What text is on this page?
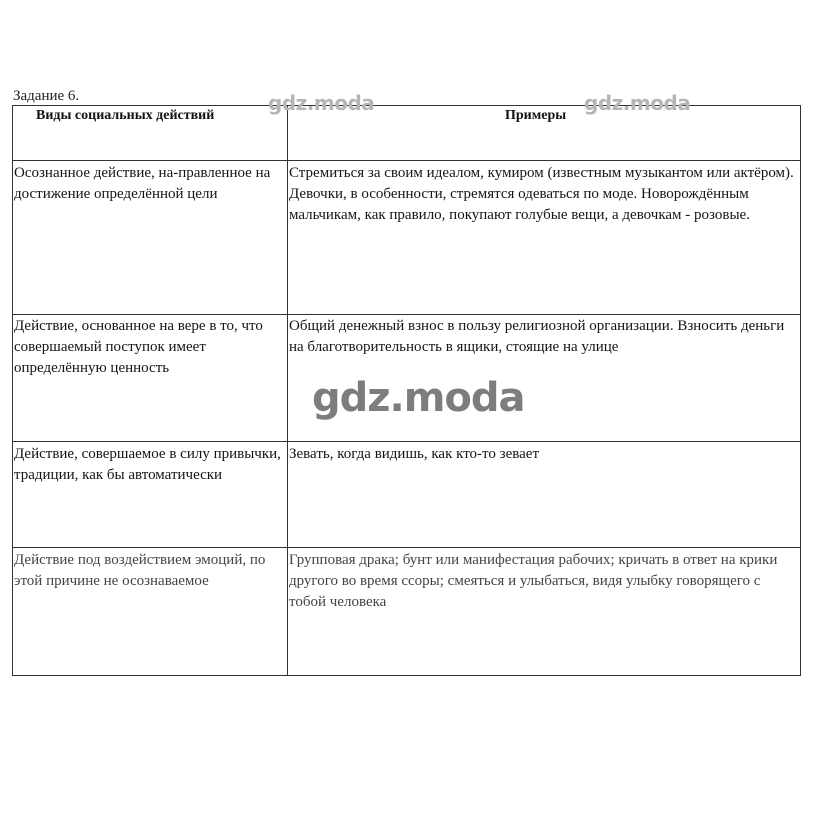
Задание 6.
Виды социальных действий	Примеры
Осознанное действие, на-правленное на достижение определённой цели
Стремиться за своим идеалом, кумиром (известным музыкантом или актёром). Девочки, в особенности, стремятся одеваться по моде. Новорождённым мальчикам, как правило, покупают голубые вещи, а девочкам - розовые.
Действие, основанное на вере в то, что совершаемый поступок имеет определённую ценность
Общий денежный взнос в пользу религиозной организации. Взносить деньги на благотворительность в ящики, стоящие на улице
Действие, совершаемое в силу привычки, традиции, как бы автоматически
Зевать, когда видишь, как кто-то зевает
Действие под воздействием эмоций, по этой причине не осознаваемое
Групповая драка; бунт или манифестация рабочих; кричать в ответ на крики другого во время ссоры; смеяться и улыбаться, видя улыбку говорящего с тобой человека
gdz.moda	gdz.moda
gdz.moda
